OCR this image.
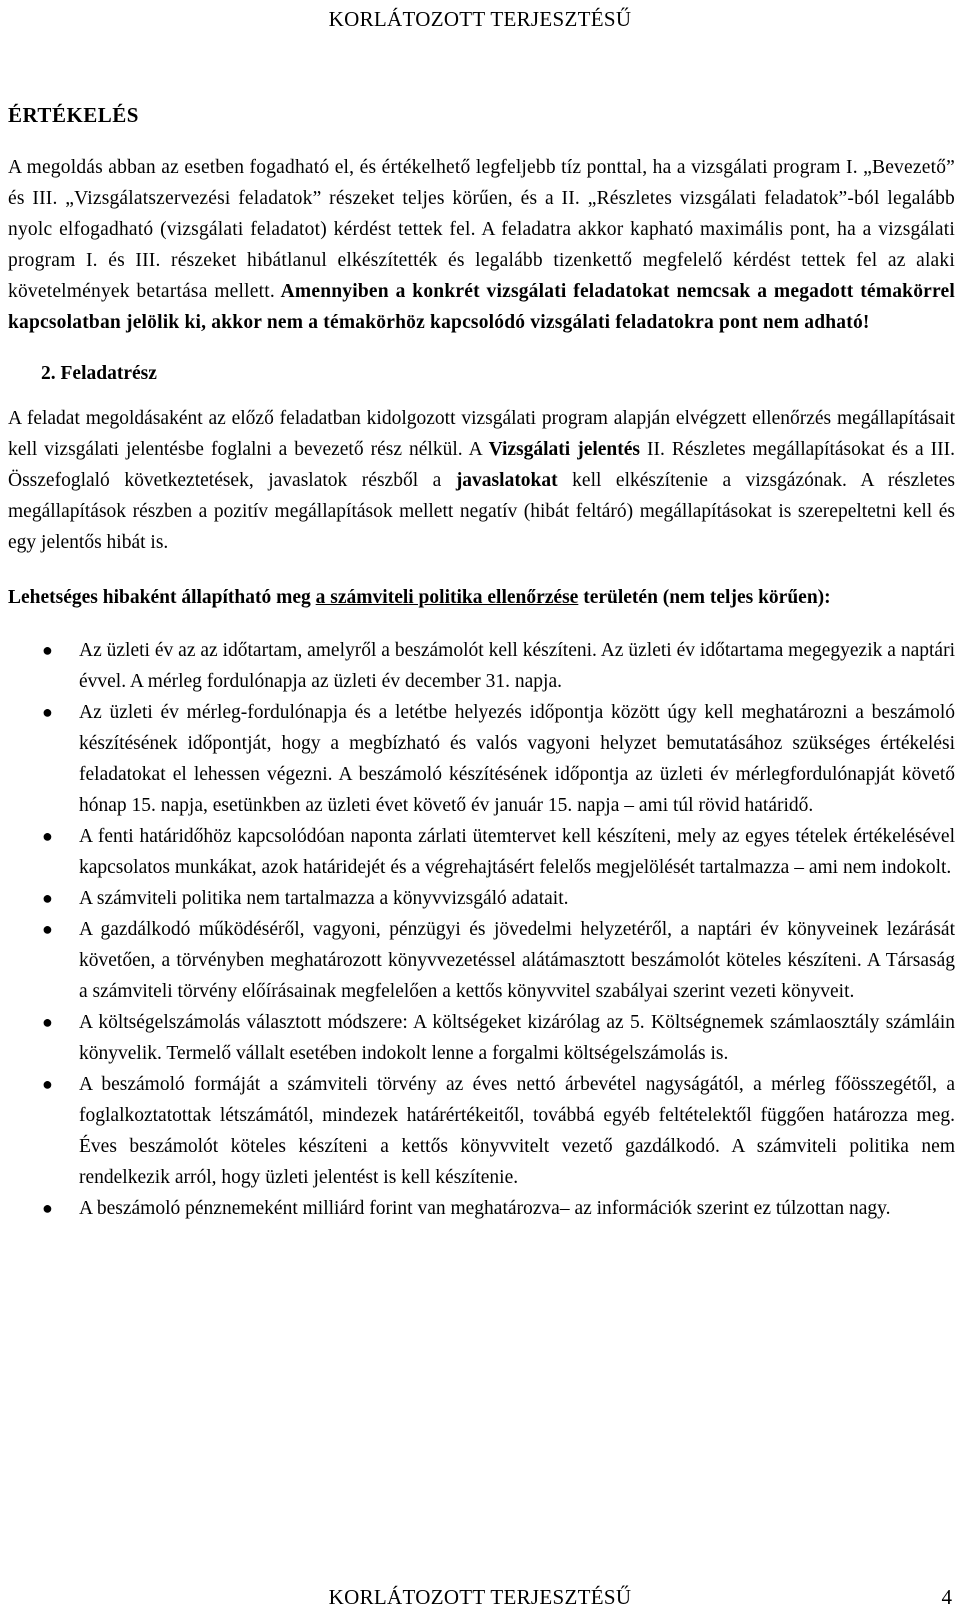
KORLÁTOZOTT TERJESZTÉSŰ
ÉRTÉKELÉS

A megoldás abban az esetben fogadható el, és értékelhető legfeljebb tíz ponttal, ha a vizsgálati program I. „Bevezető” és III. „Vizsgálatszervezési feladatok” részeket teljes körűen, és a II. „Részletes vizsgálati feladatok”-ból legalább nyolc elfogadható (vizsgálati feladatot) kérdést tettek fel. A feladatra akkor kapható maximális pont, ha a vizsgálati program I. és III. részeket hibátlanul elkészítették és legalább tizenkettő megfelelő kérdést tettek fel az alaki követelmények betartása mellett. Amennyiben a konkrét vizsgálati feladatokat nemcsak a megadott témakörrel kapcsolatban jelölik ki, akkor nem a témakörhöz kapcsolódó vizsgálati feladatokra pont nem adható!

2. Feladatrész

A feladat megoldásaként az előző feladatban kidolgozott vizsgálati program alapján elvégzett ellenőrzés megállapításait kell vizsgálati jelentésbe foglalni a bevezető rész nélkül. A Vizsgálati jelentés II. Részletes megállapításokat és a III. Összefoglaló következtetések, javaslatok részből a javaslatokat kell elkészítenie a vizsgázónak. A részletes megállapítások részben a pozitív megállapítások mellett negatív (hibát feltáró) megállapításokat is szerepeltetni kell és egy jelentős hibát is.

Lehetséges hibaként állapítható meg a számviteli politika ellenőrzése területén (nem teljes körűen):
● Az üzleti év az az időtartam, amelyről a beszámolót kell készíteni. Az üzleti év időtartama megegyezik a naptári évvel. A mérleg fordulónapja az üzleti év december 31. napja.
● Az üzleti év mérleg-fordulónapja és a letétbe helyezés időpontja között úgy kell meghatározni a beszámoló készítésének időpontját, hogy a megbízható és valós vagyoni helyzet bemutatásához szükséges értékelési feladatokat el lehessen végezni. A beszámoló készítésének időpontja az üzleti év mérlegfordulónapját követő hónap 15. napja, esetünkben az üzleti évet követő év január 15. napja – ami túl rövid határidő.
● A fenti határidőhöz kapcsolódóan naponta zárlati ütemtervet kell készíteni, mely az egyes tételek értékelésével kapcsolatos munkákat, azok határidejét és a végrehajtásért felelős megjelölését tartalmazza – ami nem indokolt.
● A számviteli politika nem tartalmazza a könyvvizsgáló adatait.
● A gazdálkodó működéséről, vagyoni, pénzügyi és jövedelmi helyzetéről, a naptári év könyveinek lezárását követően, a törvényben meghatározott könyvvezetéssel alátámasztott beszámolót köteles készíteni. A Társaság a számviteli törvény előírásainak megfelelően a kettős könyvvitel szabályai szerint vezeti könyveit.
● A költségelszámolás választott módszere: A költségeket kizárólag az 5. Költségnemek számlaosztály számláin könyvelik. Termelő vállalt esetében indokolt lenne a forgalmi költségelszámolás is.
● A beszámoló formáját a számviteli törvény az éves nettó árbevétel nagyságától, a mérleg főösszegétől, a foglalkoztatottak létszámától, mindezek határértékeitől, továbbá egyéb feltételektől függően határozza meg. Éves beszámolót köteles készíteni a kettős könyvvitelt vezető gazdálkodó. A számviteli politika nem rendelkezik arról, hogy üzleti jelentést is kell készítenie.
● A beszámoló pénznemeként milliárd forint van meghatározva– az információk szerint ez túlzottan nagy.
KORLÁTOZOTT TERJESZTÉSŰ	4
